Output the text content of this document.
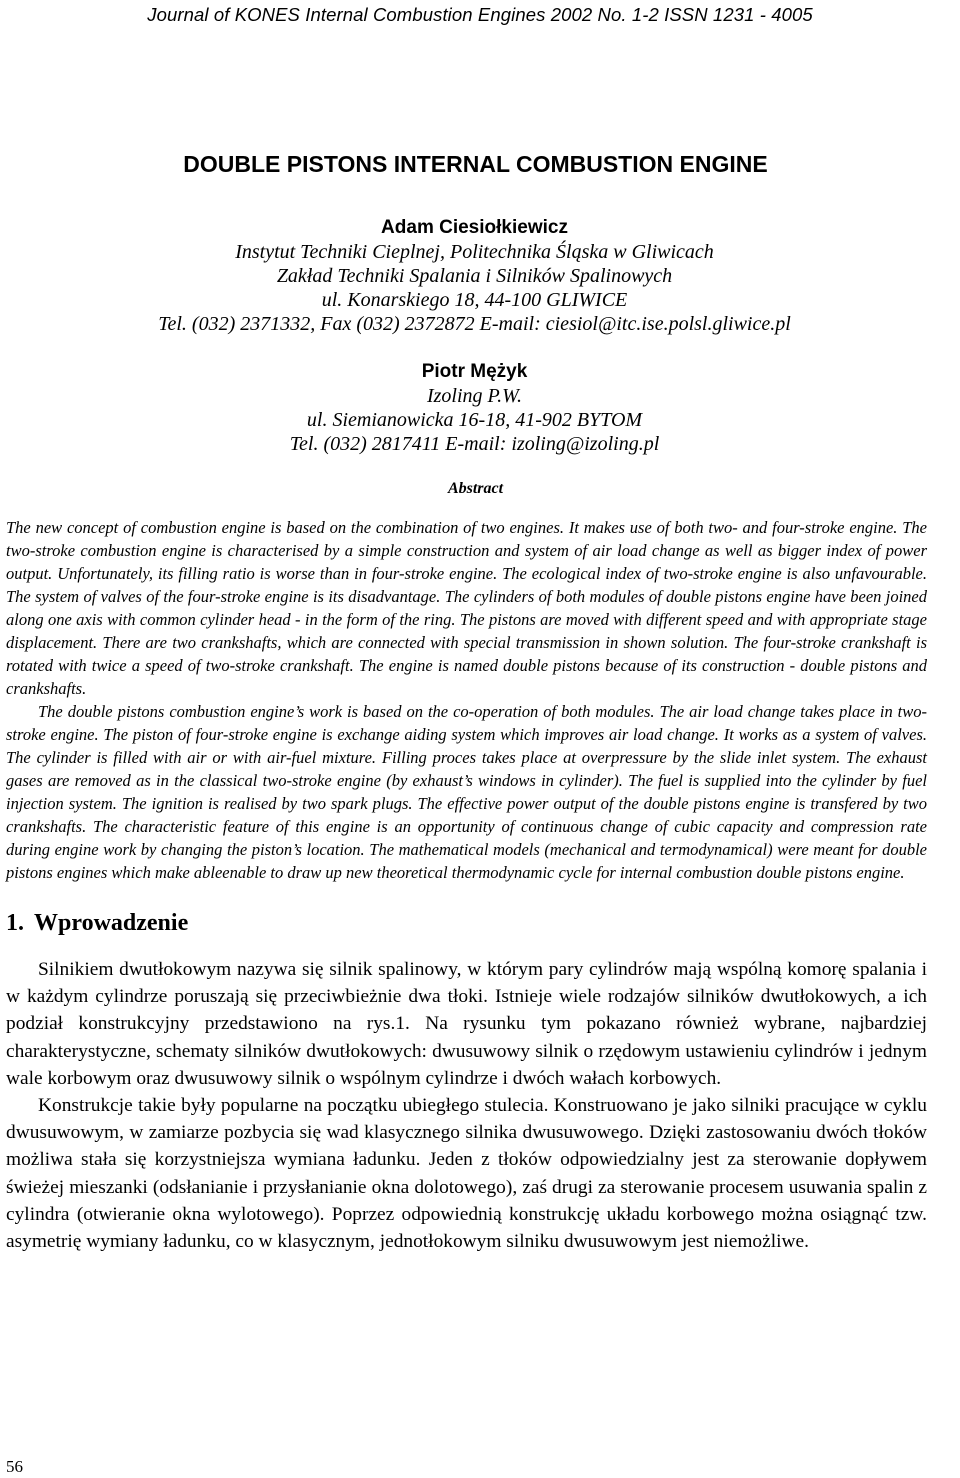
Journal of KONES Internal Combustion Engines 2002 No. 1-2 ISSN 1231 - 4005
DOUBLE PISTONS INTERNAL COMBUSTION ENGINE
Adam Ciesiołkiewicz
Instytut Techniki Cieplnej, Politechnika Śląska w Gliwicach
Zakład Techniki Spalania i Silników Spalinowych
ul. Konarskiego 18, 44-100 GLIWICE
Tel. (032) 2371332, Fax (032) 2372872 E-mail: ciesiol@itc.ise.polsl.gliwice.pl
Piotr Mężyk
Izoling P.W.
ul. Siemianowicka 16-18, 41-902 BYTOM
Tel. (032) 2817411 E-mail: izoling@izoling.pl
Abstract

The new concept of combustion engine is based on the combination of two engines. It makes use of both two- and four-stroke engine. The two-stroke combustion engine is characterised by a simple construction and system of air load change as well as bigger index of power output. Unfortunately, its filling ratio is worse than in four-stroke engine. The ecological index of two-stroke engine is also unfavourable. The system of valves of the four-stroke engine is its disadvantage. The cylinders of both modules of double pistons engine have been joined along one axis with common cylinder head - in the form of the ring. The pistons are moved with different speed and with appropriate stage displacement. There are two crankshafts, which are connected with special transmission in shown solution. The four-stroke crankshaft is rotated with twice a speed of two-stroke crankshaft. The engine is named double pistons because of its construction - double pistons and crankshafts.

The double pistons combustion engine’s work is based on the co-operation of both modules. The air load change takes place in two-stroke engine. The piston of four-stroke engine is exchange aiding system which improves air load change. It works as a system of valves. The cylinder is filled with air or with air-fuel mixture. Filling proces takes place at overpressure by the slide inlet system. The exhaust gases are removed as in the classical two-stroke engine (by exhaust’s windows in cylinder). The fuel is supplied into the cylinder by fuel injection system. The ignition is realised by two spark plugs. The effective power output of the double pistons engine is transfered by two crankshafts. The characteristic feature of this engine is an opportunity of continuous change of cubic capacity and compression rate during engine work by changing the piston’s location. The mathematical models (mechanical and termodynamical) were meant for double pistons engines which make ableenable to draw up new theoretical thermodynamic cycle for internal combustion double pistons engine.

1. Wprowadzenie

Silnikiem dwutłokowym nazywa się silnik spalinowy, w którym pary cylindrów mają wspólną komorę spalania i w każdym cylindrze poruszają się przeciwbieżnie dwa tłoki. Istnieje wiele rodzajów silników dwutłokowych, a ich podział konstrukcyjny przedstawiono na rys.1. Na rysunku tym pokazano również wybrane, najbardziej charakterystyczne, schematy silników dwutłokowych: dwusuwowy silnik o rzędowym ustawieniu cylindrów i jednym wale korbowym oraz dwusuwowy silnik o wspólnym cylindrze i dwóch wałach korbowych.

Konstrukcje takie były popularne na początku ubiegłego stulecia. Konstruowano je jako silniki pracujące w cyklu dwusuwowym, w zamiarze pozbycia się wad klasycznego silnika dwusuwowego. Dzięki zastosowaniu dwóch tłoków możliwa stała się korzystniejsza wymiana ładunku. Jeden z tłoków odpowiedzialny jest za sterowanie dopływem świeżej mieszanki (odsłanianie i przysłanianie okna dolotowego), zaś drugi za sterowanie procesem usuwania spalin z cylindra (otwieranie okna wylotowego). Poprzez odpowiednią konstrukcję układu korbowego można osiągnąć tzw. asymetrię wymiany ładunku, co w klasycznym, jednotłokowym silniku dwusuwowym jest niemożliwe.

56
